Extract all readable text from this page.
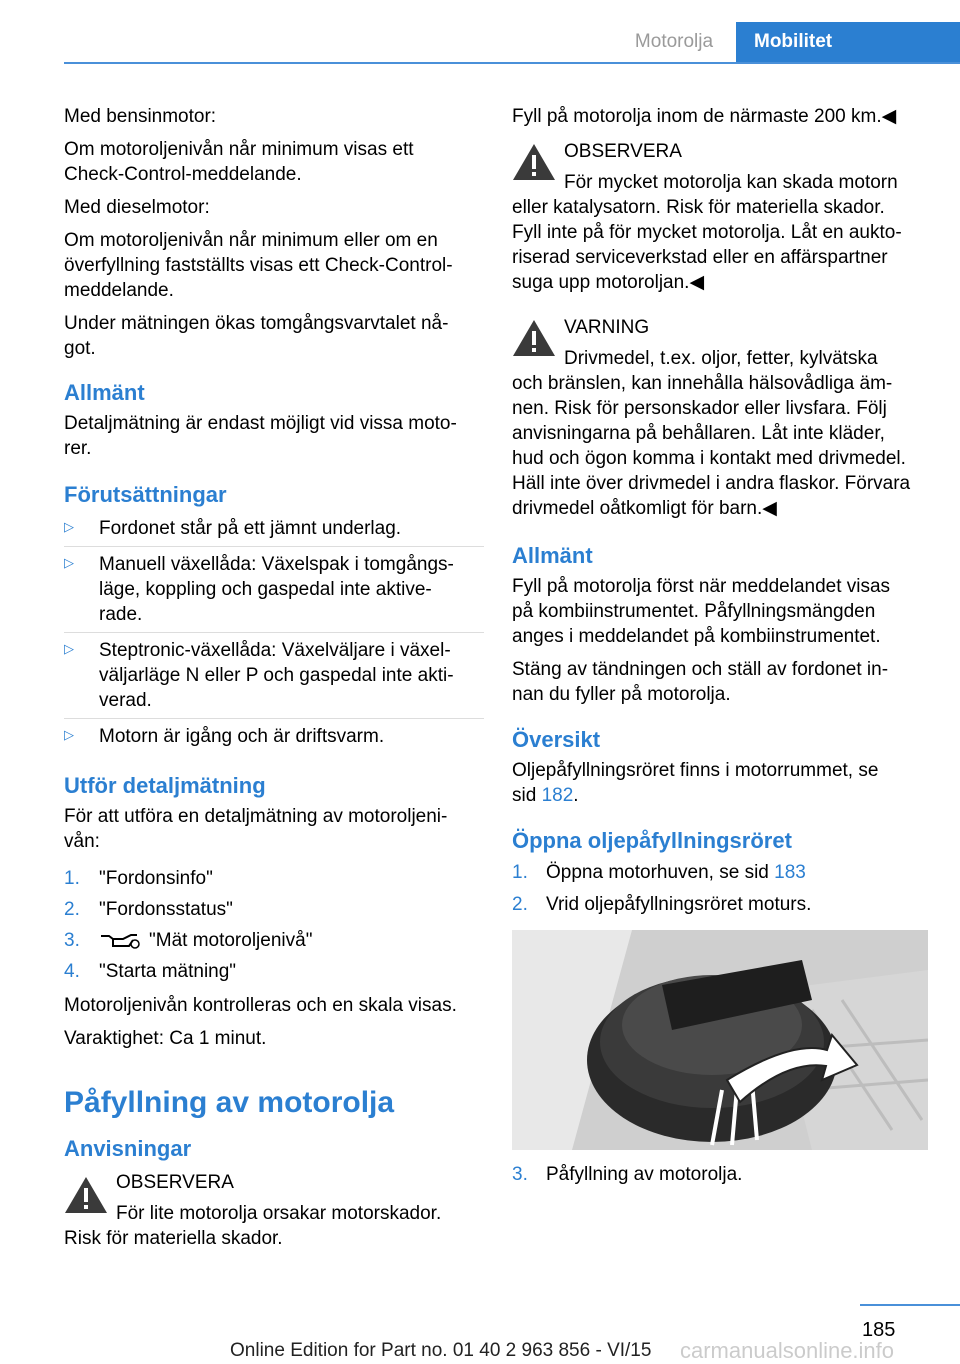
Motorolja	Mobilitet

Med bensinmotor:

Om motoroljenivån når minimum visas ett

Check-Control-meddelande.

Med dieselmotor:

Om motoroljenivån når minimum eller om en

överfyllning fastställts visas ett Check-Control-

meddelande.

Under mätningen ökas tomgångsvarvtalet nå‐

got.

Allmänt

Detaljmätning är endast möjligt vid vissa moto‐

rer.

Förutsättningar
▷ Fordonet står på ett jämnt underlag.

▷ Manuell växellåda: Växelspak i tomgångs‐

läge, koppling och gaspedal inte aktive‐

rade.

▷ Steptronic-växellåda: Växelväljare i växel‐

väljarläge N eller P och gaspedal inte akti‐

verad.

▷ Motorn är igång och är driftsvarm.

Utför detaljmätning

För att utföra en detaljmätning av motoroljeni‐

vån:

1. "Fordonsinfo"

2. "Fordonsstatus"

3.	"Mät motoroljenivå"

4. "Starta mätning"

Motoroljenivån kontrolleras och en skala visas.

Varaktighet: Ca 1 minut.

Påfyllning av motorolja
Anvisningar

OBSERVERA

För lite motorolja orsakar motorskador.

Risk för materiella skador.

Fyll på motorolja inom de närmaste 200 km.◀

OBSERVERA

För mycket motorolja kan skada motorn

eller katalysatorn. Risk för materiella skador.

Fyll inte på för mycket motorolja. Låt en aukto‐

riserad serviceverkstad eller en affärspartner

suga upp motoroljan.◀

VARNING

Drivmedel, t.ex. oljor, fetter, kylvätska

och bränslen, kan innehålla hälsovådliga äm‐

nen. Risk för personskador eller livsfara. Följ

anvisningarna på behållaren. Låt inte kläder,

hud och ögon komma i kontakt med drivmedel.

Häll inte över drivmedel i andra flaskor. Förvara

drivmedel oåtkomligt för barn.◀

Allmänt

Fyll på motorolja först när meddelandet visas

på kombiinstrumentet. Påfyllningsmängden

anges i meddelandet på kombiinstrumentet.

Stäng av tändningen och ställ av fordonet in‐

nan du fyller på motorolja.

Översikt

Oljepåfyllningsröret finns i motorrummet, se

sid 182.

Öppna oljepåfyllningsröret
1. Öppna motorhuven, se sid 183

2. Vrid oljepåfyllningsröret moturs.

3. Påfyllning av motorolja.

185
Online Edition for Part no. 01 40 2 963 856 - VI/15 carmanualsonline.info
